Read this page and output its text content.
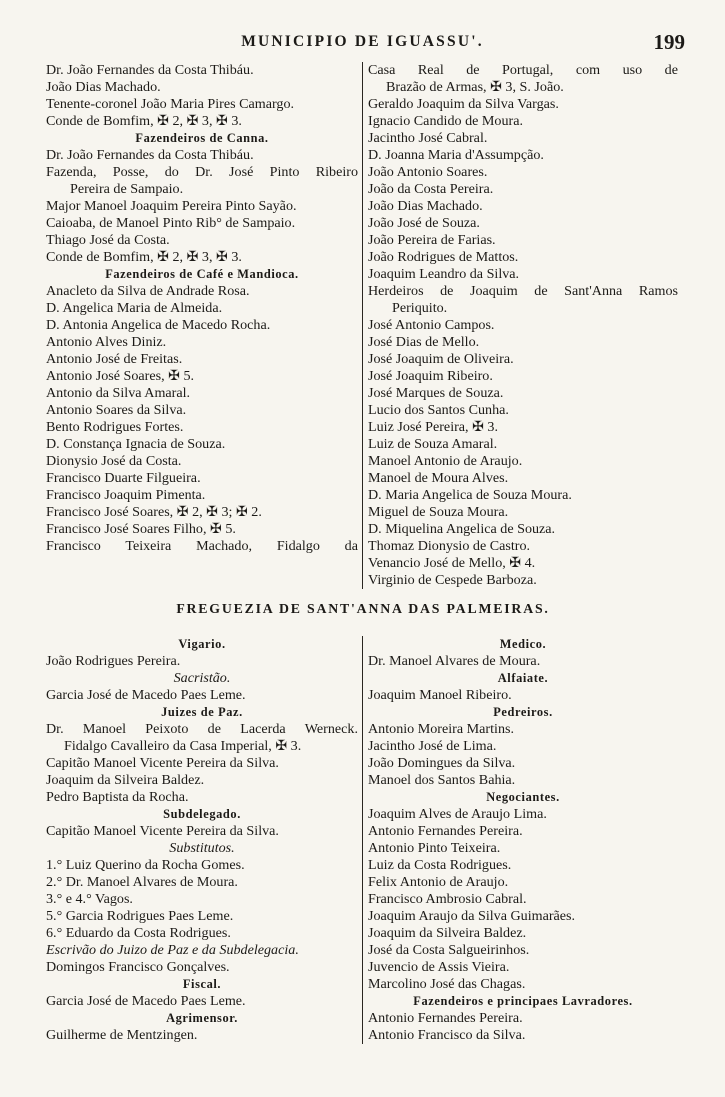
MUNICIPIO DE IGUASSU'.	199
Dr. João Fernandes da Costa Thibáu.
João Dias Machado.
Tenente-coronel João Maria Pires Camargo.
Conde de Bomfim, ✠ 2, ✠ 3, ✠ 3.
Fazendeiros de Canna.
Dr. João Fernandes da Costa Thibáu.
Fazenda, Posse, do Dr. José Pinto Ribeiro
Pereira de Sampaio.
Major Manoel Joaquim Pereira Pinto Sayão.
Caioaba, de Manoel Pinto Rib° de Sampaio.
Thiago José da Costa.
Conde de Bomfim, ✠ 2, ✠ 3, ✠ 3.
Fazendeiros de Café e Mandioca.
Anacleto da Silva de Andrade Rosa.
D. Angelica Maria de Almeida.
D. Antonia Angelica de Macedo Rocha.
Antonio Alves Diniz.
Antonio José de Freitas.
Antonio José Soares, ✠ 5.
Antonio da Silva Amaral.
Antonio Soares da Silva.
Bento Rodrigues Fortes.
D. Constança Ignacia de Souza.
Dionysio José da Costa.
Francisco Duarte Filgueira.
Francisco Joaquim Pimenta.
Francisco José Soares, ✠ 2, ✠ 3; ✠ 2.
Francisco José Soares Filho, ✠ 5.
Francisco Teixeira Machado, Fidalgo da
Casa Real de Portugal, com uso de
Brazão de Armas, ✠ 3, S. João.
Geraldo Joaquim da Silva Vargas.
Ignacio Candido de Moura.
Jacintho José Cabral.
D. Joanna Maria d'Assumpção.
João Antonio Soares.
João da Costa Pereira.
João Dias Machado.
João José de Souza.
João Pereira de Farias.
João Rodrigues de Mattos.
Joaquim Leandro da Silva.
Herdeiros de Joaquim de Sant'Anna Ramos
Periquito.
José Antonio Campos.
José Dias de Mello.
José Joaquim de Oliveira.
José Joaquim Ribeiro.
José Marques de Souza.
Lucio dos Santos Cunha.
Luiz José Pereira, ✠ 3.
Luiz de Souza Amaral.
Manoel Antonio de Araujo.
Manoel de Moura Alves.
D. Maria Angelica de Souza Moura.
Miguel de Souza Moura.
D. Miquelina Angelica de Souza.
Thomaz Dionysio de Castro.
Venancio José de Mello, ✠ 4.
Virginio de Cespede Barboza.
FREGUEZIA DE SANT'ANNA DAS PALMEIRAS.
Vigario.
João Rodrigues Pereira.
Sacristão.
Garcia José de Macedo Paes Leme.
Juizes de Paz.
Dr. Manoel Peixoto de Lacerda Werneck.
Fidalgo Cavalleiro da Casa Imperial, ✠ 3.
Capitão Manoel Vicente Pereira da Silva.
Joaquim da Silveira Baldez.
Pedro Baptista da Rocha.
Subdelegado.
Capitão Manoel Vicente Pereira da Silva.
Substitutos.
1.° Luiz Querino da Rocha Gomes.
2.° Dr. Manoel Alvares de Moura.
3.° e 4.° Vagos.
5.° Garcia Rodrigues Paes Leme.
6.° Eduardo da Costa Rodrigues.
Escrivão do Juizo de Paz e da Subdelegacia.
Domingos Francisco Gonçalves.
Fiscal.
Garcia José de Macedo Paes Leme.
Agrimensor.
Guilherme de Mentzingen.
Medico.
Dr. Manoel Alvares de Moura.
Alfaiate.
Joaquim Manoel Ribeiro.
Pedreiros.
Antonio Moreira Martins.
Jacintho José de Lima.
João Domingues da Silva.
Manoel dos Santos Bahia.
Negociantes.
Joaquim Alves de Araujo Lima.
Antonio Fernandes Pereira.
Antonio Pinto Teixeira.
Luiz da Costa Rodrigues.
Felix Antonio de Araujo.
Francisco Ambrosio Cabral.
Joaquim Araujo da Silva Guimarães.
Joaquim da Silveira Baldez.
José da Costa Salgueirinhos.
Juvencio de Assis Vieira.
Marcolino José das Chagas.
Fazendeiros e principaes Lavradores.
Antonio Fernandes Pereira.
Antonio Francisco da Silva.
